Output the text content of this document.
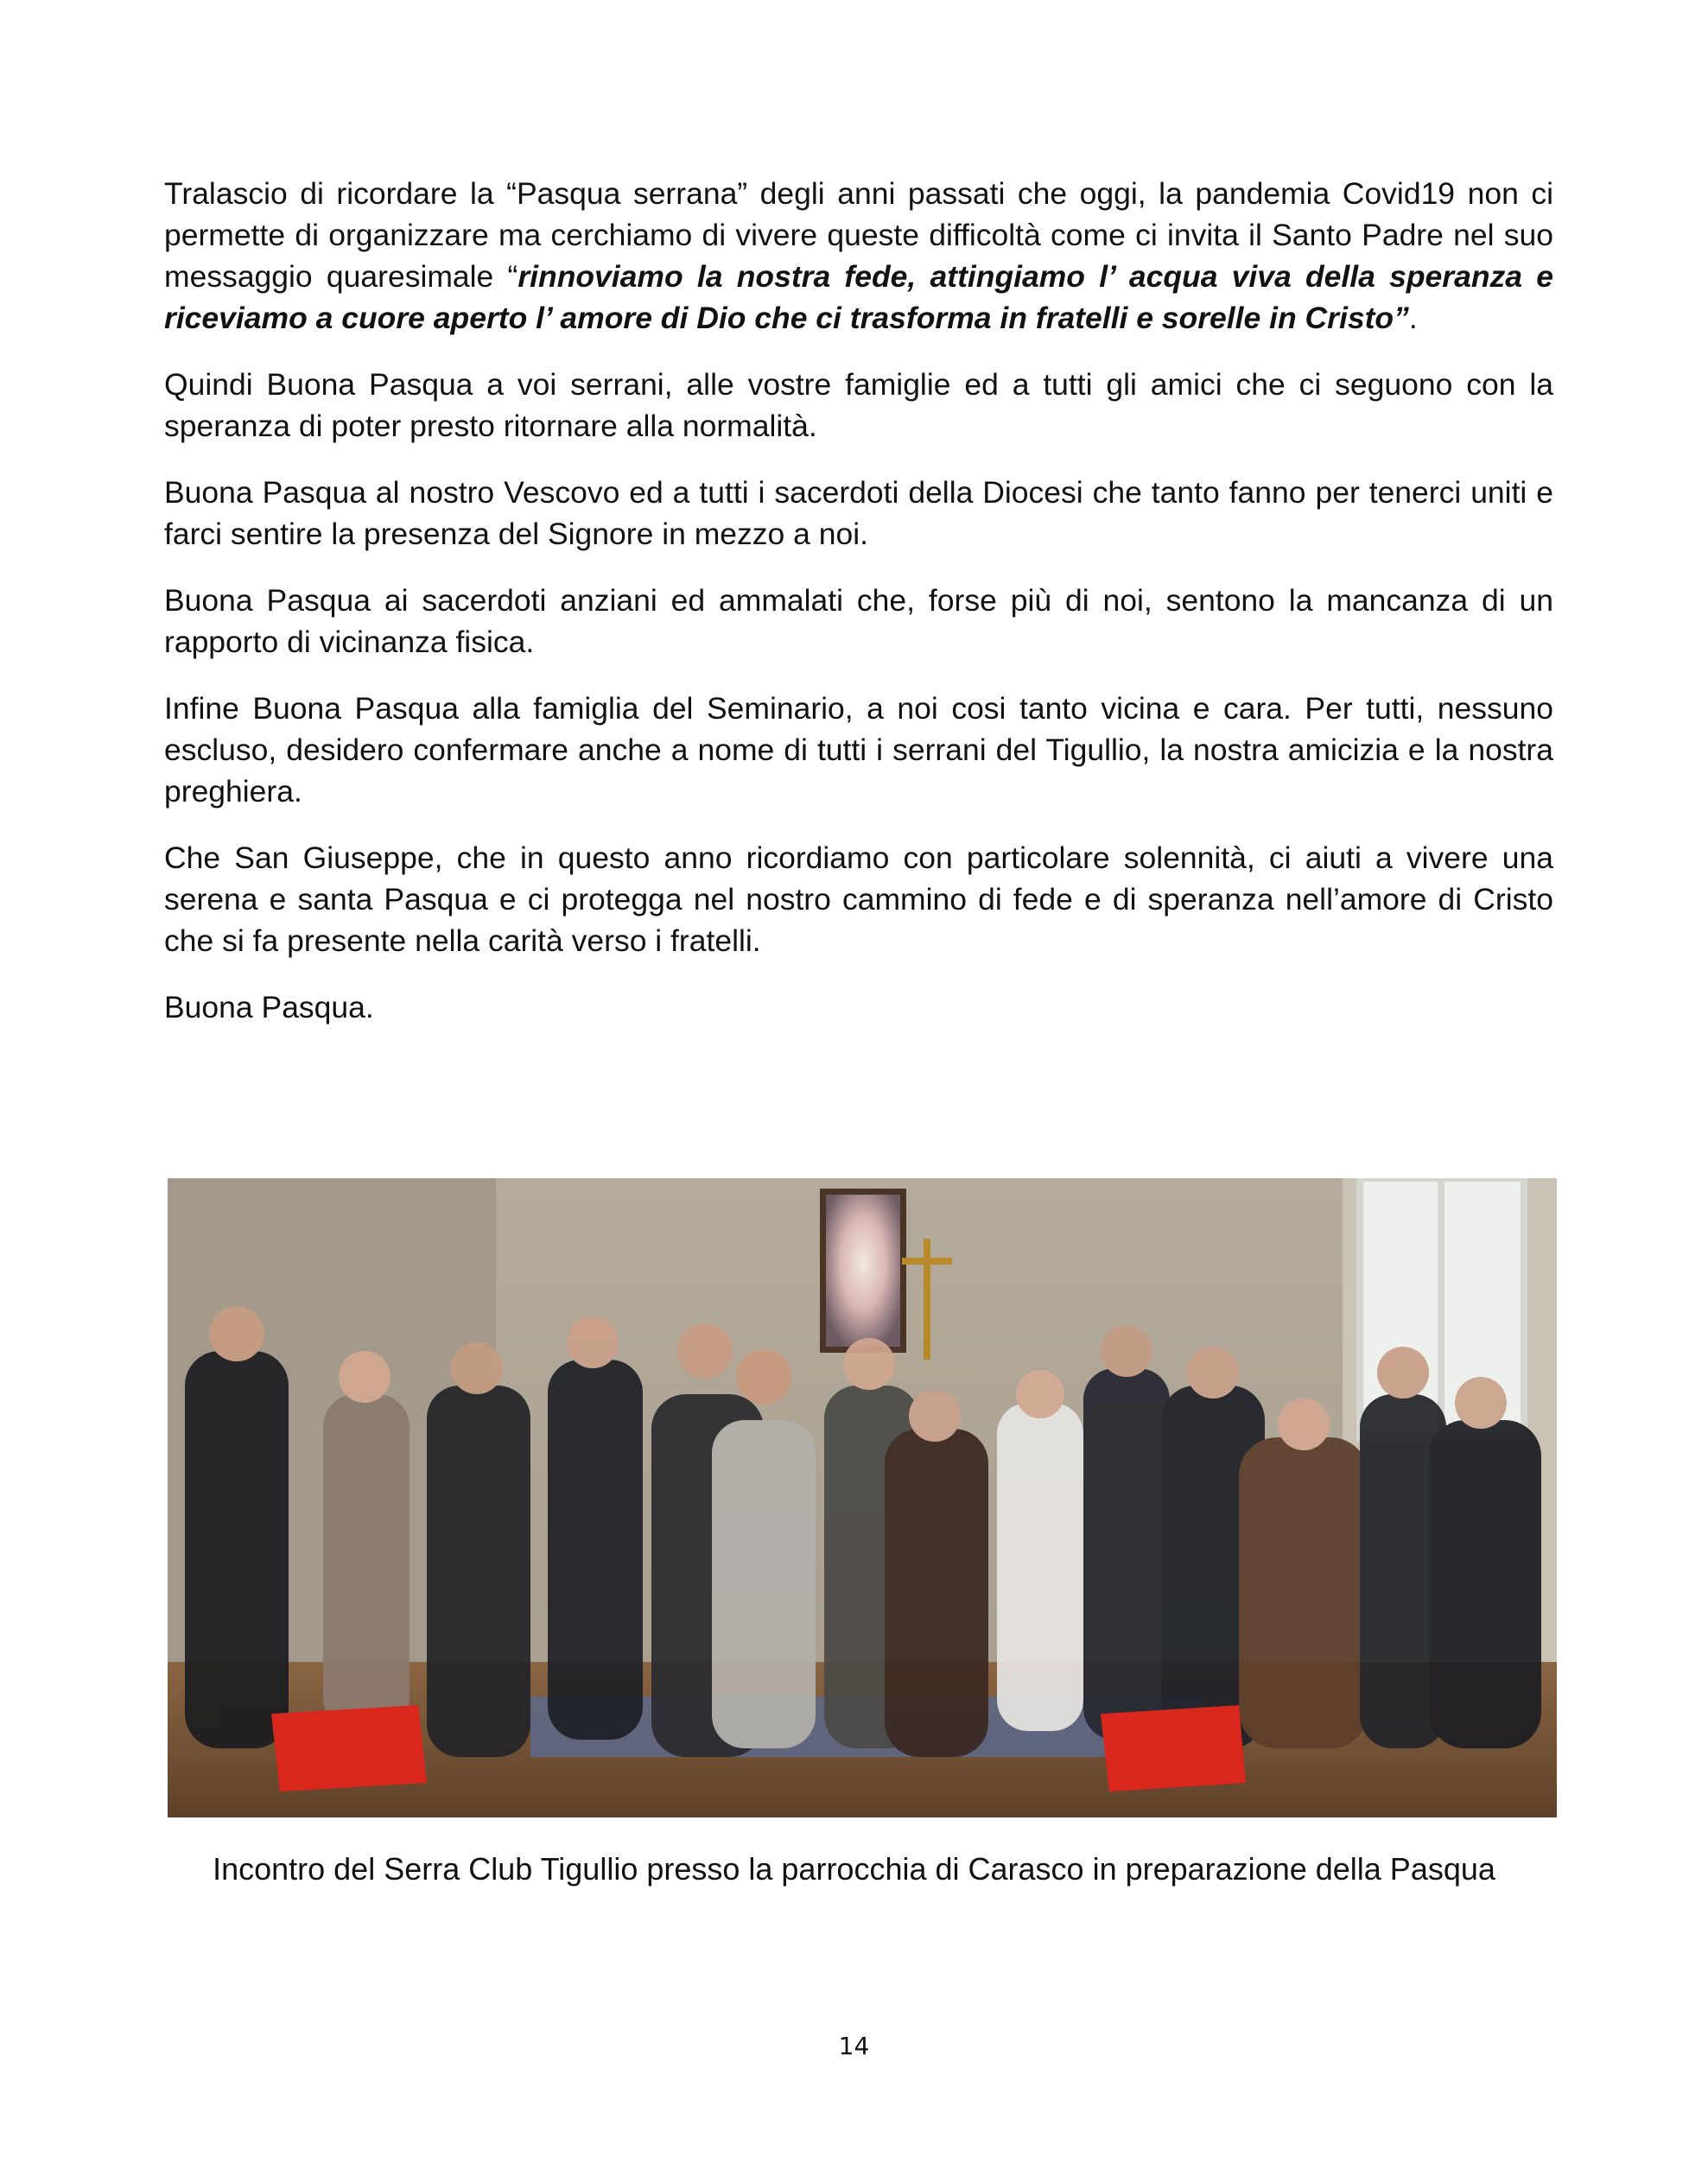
Tralascio di ricordare la “Pasqua serrana” degli anni passati che oggi, la pandemia Covid19 non ci permette di organizzare ma cerchiamo di vivere queste difficoltà come ci invita il Santo Padre nel suo messaggio quaresimale “rinnoviamo la nostra fede, attingiamo l’ acqua viva della speranza e riceviamo a cuore aperto l’ amore di Dio che ci trasforma in fratelli e sorelle in Cristo”.

Quindi Buona Pasqua a voi serrani, alle vostre famiglie ed a tutti gli amici che ci seguono con la speranza di poter presto ritornare alla normalità.

Buona Pasqua al nostro Vescovo ed a tutti i sacerdoti della Diocesi che tanto fanno per tenerci uniti e farci sentire la presenza del Signore in mezzo a noi.

Buona Pasqua ai sacerdoti anziani ed ammalati che, forse più di noi, sentono la mancanza di un rapporto di vicinanza fisica.

Infine Buona Pasqua alla famiglia del Seminario, a noi cosi tanto vicina e cara. Per tutti, nessuno escluso, desidero confermare anche a nome di tutti i serrani del Tigullio, la nostra amicizia e la nostra preghiera.

Che San Giuseppe, che in questo anno ricordiamo con particolare solennità, ci aiuti a vivere una serena e santa Pasqua e ci protegga nel nostro cammino di fede e di speranza nell’amore di Cristo che si fa presente nella carità verso i fratelli.

Buona Pasqua.

Incontro del Serra Club Tigullio presso la parrocchia di Carasco in preparazione della Pasqua
14
